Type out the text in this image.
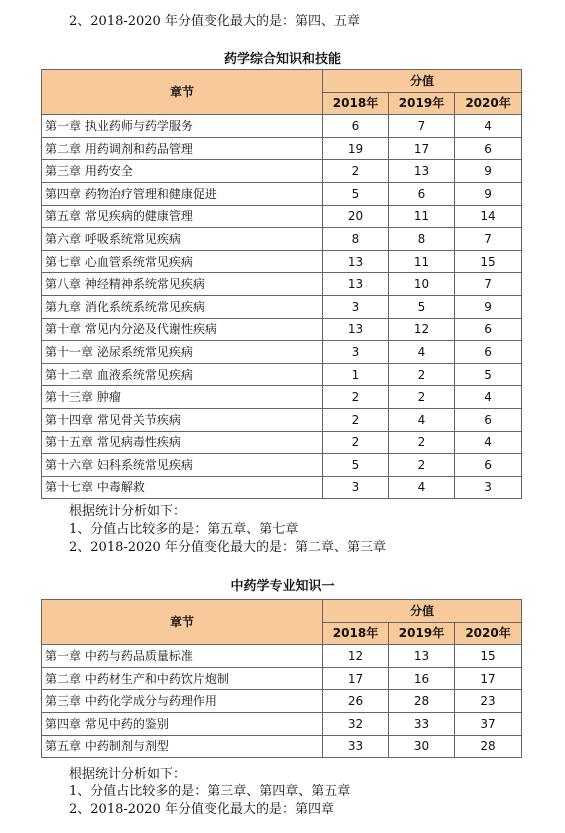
2、2018-2020 年分值变化最大的是：第四、五章
药学综合知识和技能
章节	分值		
	2018年	2019年	2020年
第一章 执业药师与药学服务	6	7	4
第二章 用药调剂和药品管理	19	17	6
第三章 用药安全	2	13	9
第四章 药物治疗管理和健康促进	5	6	9
第五章 常见疾病的健康管理	20	11	14
第六章 呼吸系统常见疾病	8	8	7
第七章 心血管系统常见疾病	13	11	15
第八章 神经精神系统常见疾病	13	10	7
第九章 消化系统系统常见疾病	3	5	9
第十章 常见内分泌及代谢性疾病	13	12	6
第十一章 泌尿系统常见疾病	3	4	6
第十二章 血液系统常见疾病	1	2	5
第十三章 肿瘤	2	2	4
第十四章 常见骨关节疾病	2	4	6
第十五章 常见病毒性疾病	2	2	4
第十六章 妇科系统常见疾病	5	2	6
第十七章 中毒解救	3	4	3
根据统计分析如下：
1、分值占比较多的是：第五章、第七章
2、2018-2020 年分值变化最大的是：第二章、第三章
中药学专业知识一
章节	分值		
	2018年	2019年	2020年
第一章 中药与药品质量标准	12	13	15
第二章 中药材生产和中药饮片炮制	17	16	17
第三章 中药化学成分与药理作用	26	28	23
第四章 常见中药的鉴别	32	33	37
第五章 中药制剂与剂型	33	30	28
根据统计分析如下：
1、分值占比较多的是：第三章、第四章、第五章
2、2018-2020 年分值变化最大的是：第四章
